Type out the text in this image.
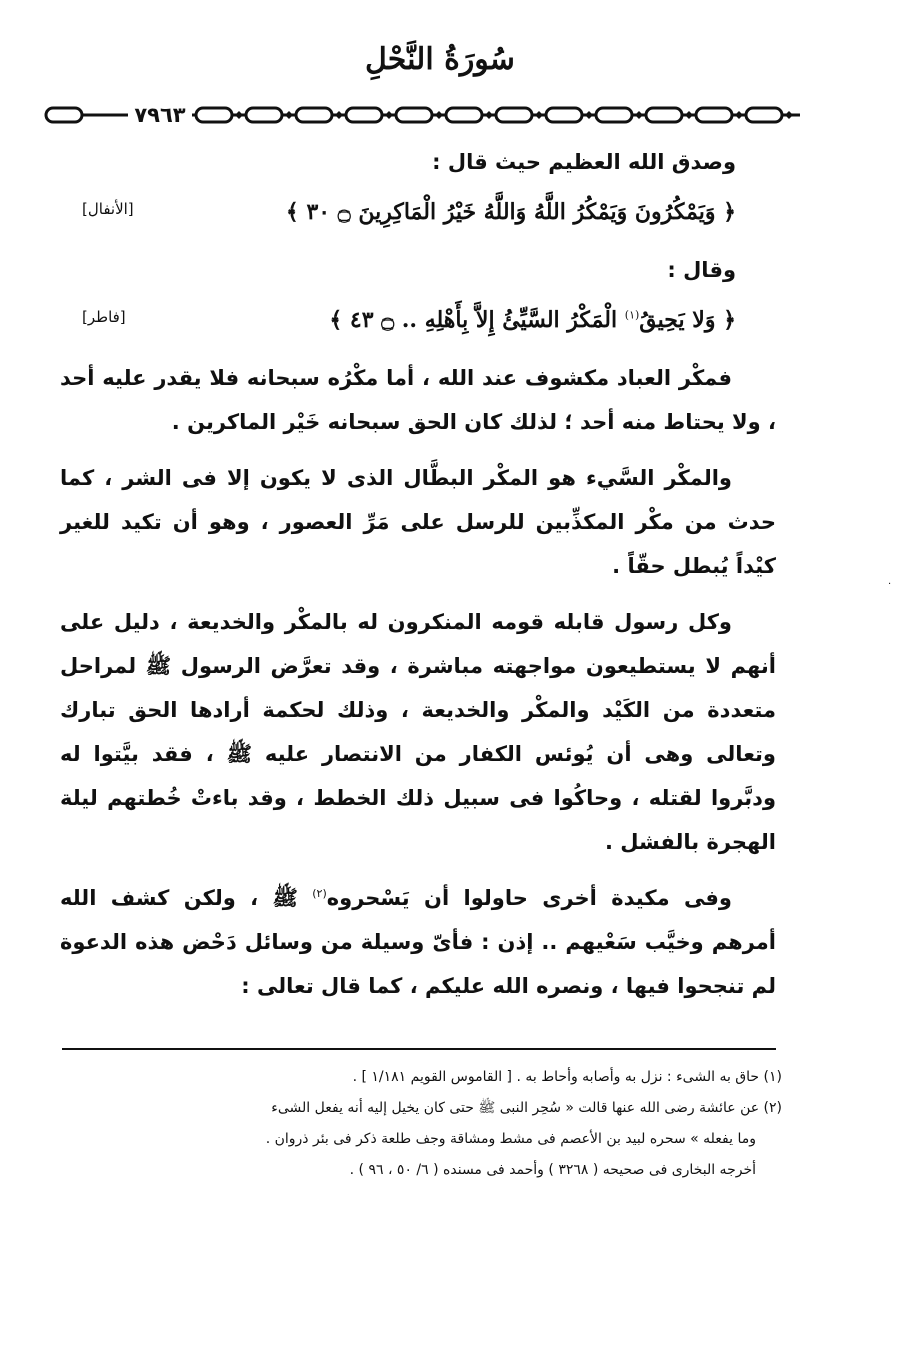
سُورَةُ النَّحْلِ
٧٩٦٣

وصدق الله العظيم حيث قال :

﴿ وَيَمْكُرُونَ وَيَمْكُرُ اللَّهُ وَاللَّهُ خَيْرُ الْمَاكِرِينَ ۝ ٣٠ ﴾
[الأنفال]

وقال :

﴿ وَلا يَحِيقُ$^{(١)}$ الْمَكْرُ السَّيِّئُ إِلاَّ بِأَهْلِهِ .. ۝ ٤٣ ﴾
[فاطر]

فمكْر العباد مكشوف عند الله ، أما مكْرُه سبحانه فلا يقدر عليه أحد ، ولا يحتاط منه أحد ؛ لذلك كان الحق سبحانه خَيْر الماكرين .

والمكْر السَّيء هو المكْر البطَّال الذى لا يكون إلا فى الشر ، كما حدث من مكْر المكذِّبين للرسل على مَرِّ العصور ، وهو أن تكيد للغير كيْداً يُبطل حقّاً .

وكل رسول قابله قومه المنكرون له بالمكْر والخديعة ، دليل على أنهم لا يستطيعون مواجهته مباشرة ، وقد تعرَّض الرسول ﷺ لمراحل متعددة من الكَيْد والمكْر والخديعة ، وذلك لحكمة أرادها الحق تبارك وتعالى وهى أن يُوئس الكفار من الانتصار عليه ﷺ ، فقد بيَّتوا له ودبَّروا لقتله ، وحاكُوا فى سبيل ذلك الخطط ، وقد باءتْ خُطتهم ليلة الهجرة بالفشل .

وفى مكيدة أخرى حاولوا أن يَسْحروه$^{(٢)}$ ﷺ ، ولكن كشف الله أمرهم وخيَّب سَعْيهم .. إذن : فأىّ وسيلة من وسائل دَحْض هذه الدعوة لم تنجحوا فيها ، ونصره الله عليكم ، كما قال تعالى :

(١) حاق به الشىء : نزل به وأصابه وأحاط به . [ القاموس القويم ١/١٨١ ] .

(٢) عن عائشة رضى الله عنها قالت « سُحِر النبى ﷺ حتى كان يخيل إليه أنه يفعل الشىء

وما يفعله » سحره لبيد بن الأعصم فى مشط ومشاقة وجف طلعة ذكر فى بئر ذروان .

أخرجه البخارى فى صحيحه ( ٣٢٦٨ ) وأحمد فى مسنده ( ٦/ ٥٠ ، ٩٦ ) .

·
